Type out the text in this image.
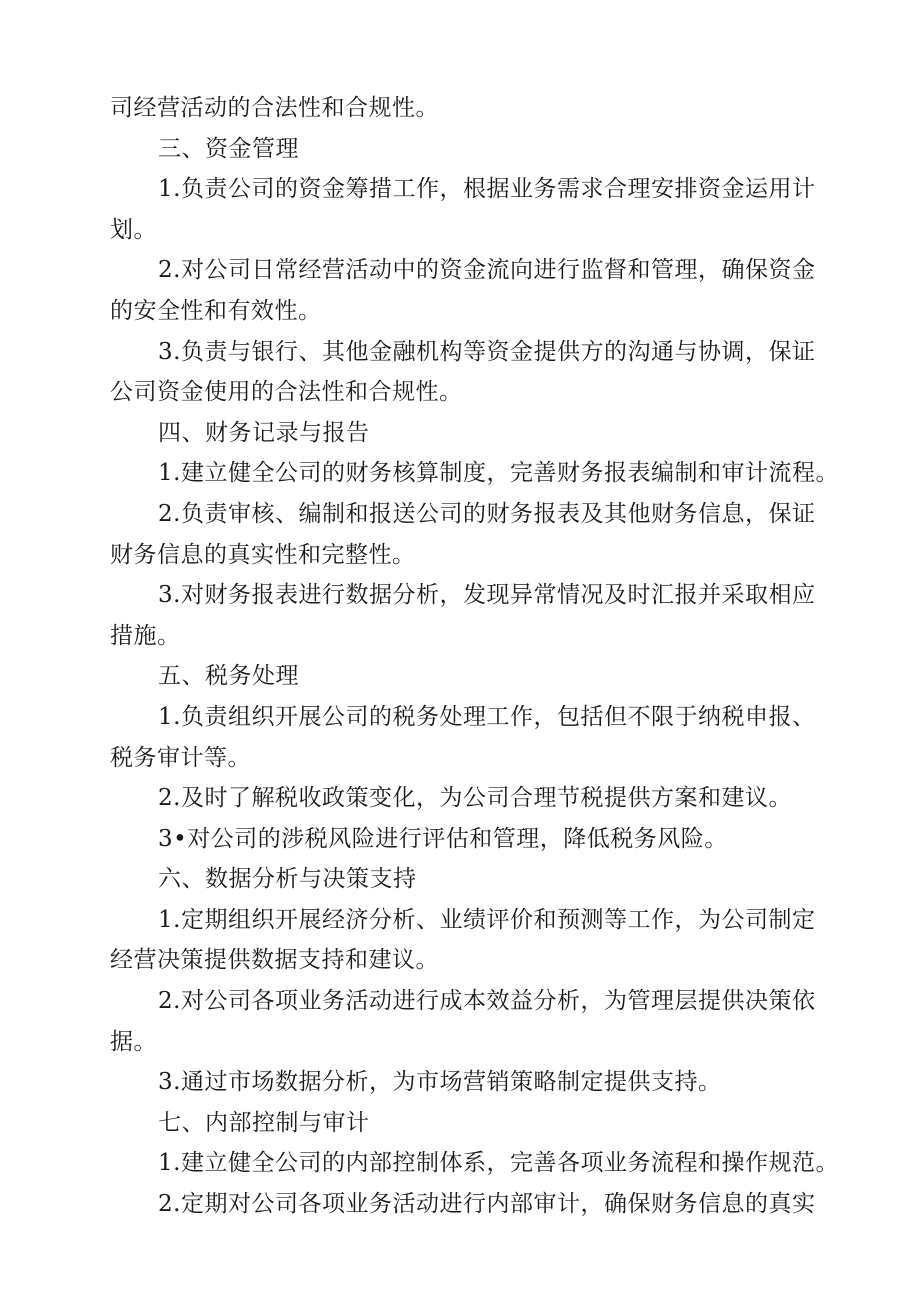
司经营活动的合法性和合规性。
三、资金管理
1.负责公司的资金筹措工作，根据业务需求合理安排资金运用计
划。
2.对公司日常经营活动中的资金流向进行监督和管理，确保资金
的安全性和有效性。
3.负责与银行、其他金融机构等资金提供方的沟通与协调，保证
公司资金使用的合法性和合规性。
四、财务记录与报告
1.建立健全公司的财务核算制度，完善财务报表编制和审计流程。
2.负责审核、编制和报送公司的财务报表及其他财务信息，保证
财务信息的真实性和完整性。
3.对财务报表进行数据分析，发现异常情况及时汇报并采取相应
措施。
五、税务处理
1.负责组织开展公司的税务处理工作，包括但不限于纳税申报、
税务审计等。
2.及时了解税收政策变化，为公司合理节税提供方案和建议。
3•对公司的涉税风险进行评估和管理，降低税务风险。
六、数据分析与决策支持
1.定期组织开展经济分析、业绩评价和预测等工作，为公司制定
经营决策提供数据支持和建议。
2.对公司各项业务活动进行成本效益分析，为管理层提供决策依
据。
3.通过市场数据分析，为市场营销策略制定提供支持。
七、内部控制与审计
1.建立健全公司的内部控制体系，完善各项业务流程和操作规范。
2.定期对公司各项业务活动进行内部审计，确保财务信息的真实
